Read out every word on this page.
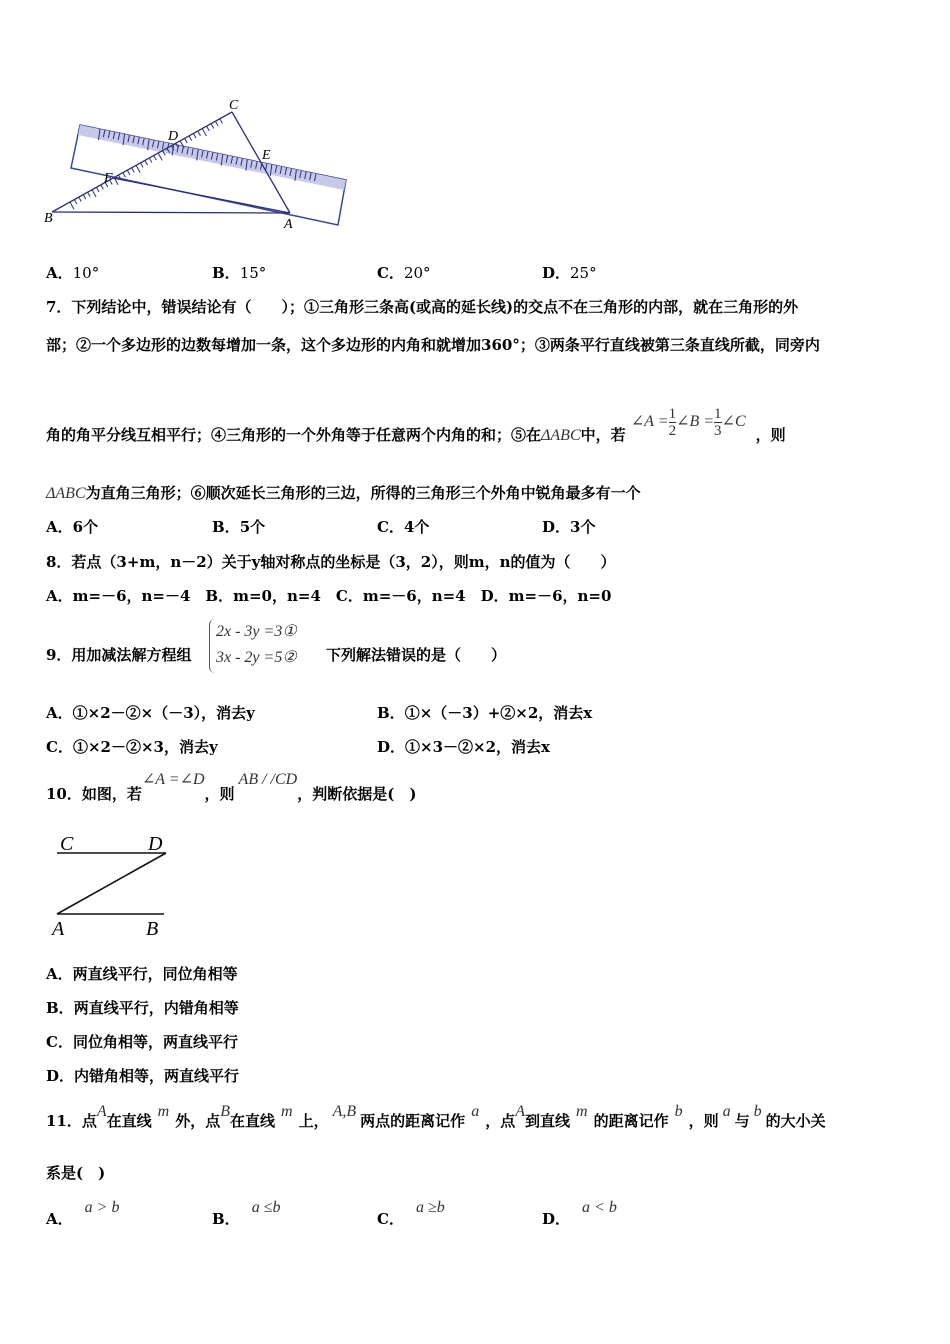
C
D
E
F
B	A
A．10°	B．15°	C．20°	D．25°
7．下列结论中，错误结论有（　　）；①三角形三条高(或高的延长线)的交点不在三角形的内部，就在三角形的外
部；②一个多边形的边数每增加一条，这个多边形的内角和就增加360°；③两条平行直线被第三条直线所截，同旁内
角的角平分线互相平行；④三角形的一个外角等于任意两个内角的和；⑤在ΔABC中，若 ∠A = $\frac{1}{2}$ ∠B = $\frac{1}{3}$ ∠C ，则
ΔABC为直角三角形；⑥顺次延长三角形的三边，所得的三角形三个外角中锐角最多有一个
A．6个	B．5个	C．4个	D．3个
8．若点（3+m，n－2）关于y轴对称点的坐标是（3，2），则m，n的值为（　　）
A．m=－6，n=－4　B．m=0，n=4　C．m=－6，n=4　D．m=－6，n=0
9．用加减法解方程组
2x - 3y =3①
3x - 2y =5② 下列解法错误的是（　　）
A．①×2－②×（－3），消去y	B．①×（－3）+②×2，消去x
C．①×2－②×3，消去y	D．①×3－②×2，消去x
10．如图，若∠A =∠D，则AB / /CD，判断依据是(　)
C	D
A	B
A．两直线平行，同位角相等
B．两直线平行，内错角相等
C．同位角相等，两直线平行
D．内错角相等，两直线平行
11．点A在直线m外，点B在直线m上，A,B两点的距离记作a，点A到直线m的距离记作b，则a与b的大小关
系是(　)
A．a > b
B．a ≤b
C．a ≥b
D．a < b
